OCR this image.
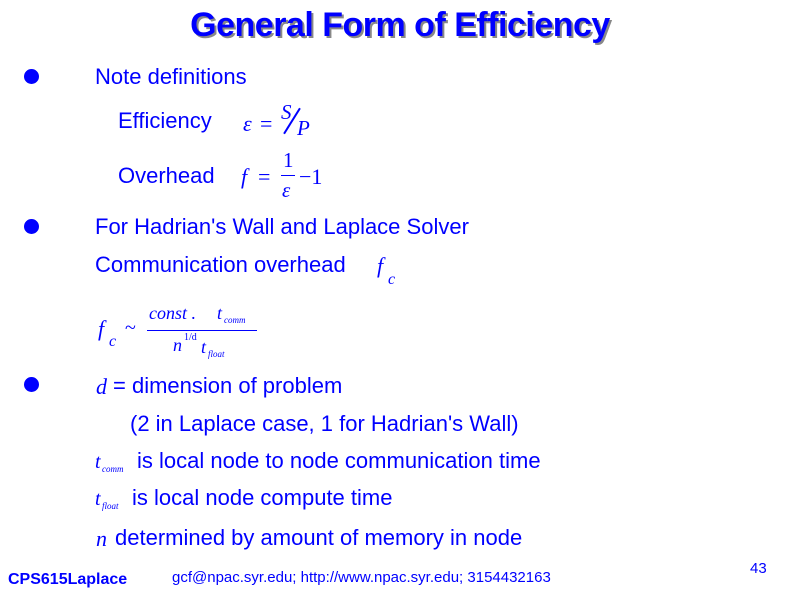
General Form of Efficiency
Note definitions
Efficiency ε = S
P
Overhead f =
1
ε
−1
For Hadrian's Wall and Laplace Solver
Communication overhead f
c
f
c
~
const . t comm
n 1/d t float
d = dimension of problem
(2 in Laplace case, 1 for Hadrian's Wall)
t comm is local node to node communication time
t float is local node compute time
n determined by amount of memory in node
CPS615Laplace	gcf@npac.syr.edu; http://www.npac.syr.edu; 3154432163
43
